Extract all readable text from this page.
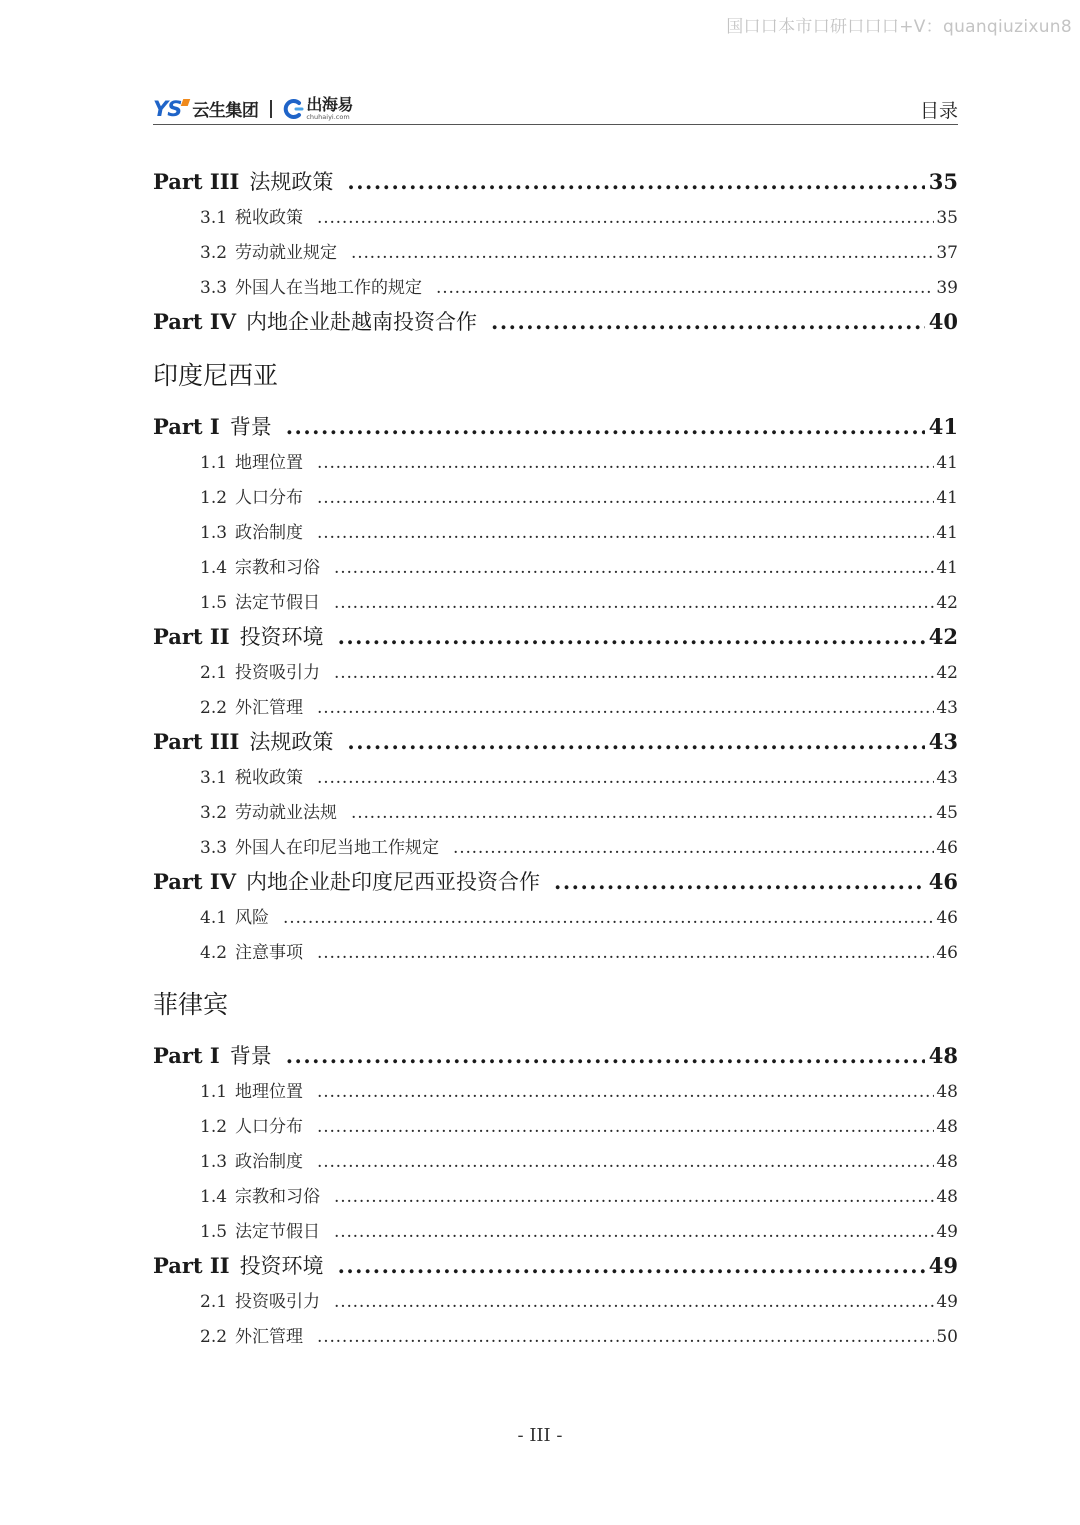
国口口本市口研口口口+V：quanqiuzixun8
YS 云生集团	出海易
chuhaiyi.com	目录
Part III 法规政策 .....	35
3.1 税收政策 .....	35
3.2 劳动就业规定 .....	37
3.3 外国人在当地工作的规定 .....	39
Part IV 内地企业赴越南投资合作 .....	40
印度尼西亚
Part I 背景 .....	41
1.1 地理位置 .....	41
1.2 人口分布 .....	41
1.3 政治制度 .....	41
1.4 宗教和习俗 .....	41
1.5 法定节假日 .....	42
Part II 投资环境 .....	42
2.1 投资吸引力 .....	42
2.2 外汇管理 .....	43
Part III 法规政策 .....	43
3.1 税收政策 .....	43
3.2 劳动就业法规 .....	45
3.3 外国人在印尼当地工作规定 .....	46
Part IV 内地企业赴印度尼西亚投资合作 .....	46
4.1 风险 .....	46
4.2 注意事项 .....	46
菲律宾
Part I 背景 .....	48
1.1 地理位置 .....	48
1.2 人口分布 .....	48
1.3 政治制度 .....	48
1.4 宗教和习俗 .....	48
1.5 法定节假日 .....	49
Part II 投资环境 .....	49
2.1 投资吸引力 .....	49
2.2 外汇管理 .....	50
- III -
